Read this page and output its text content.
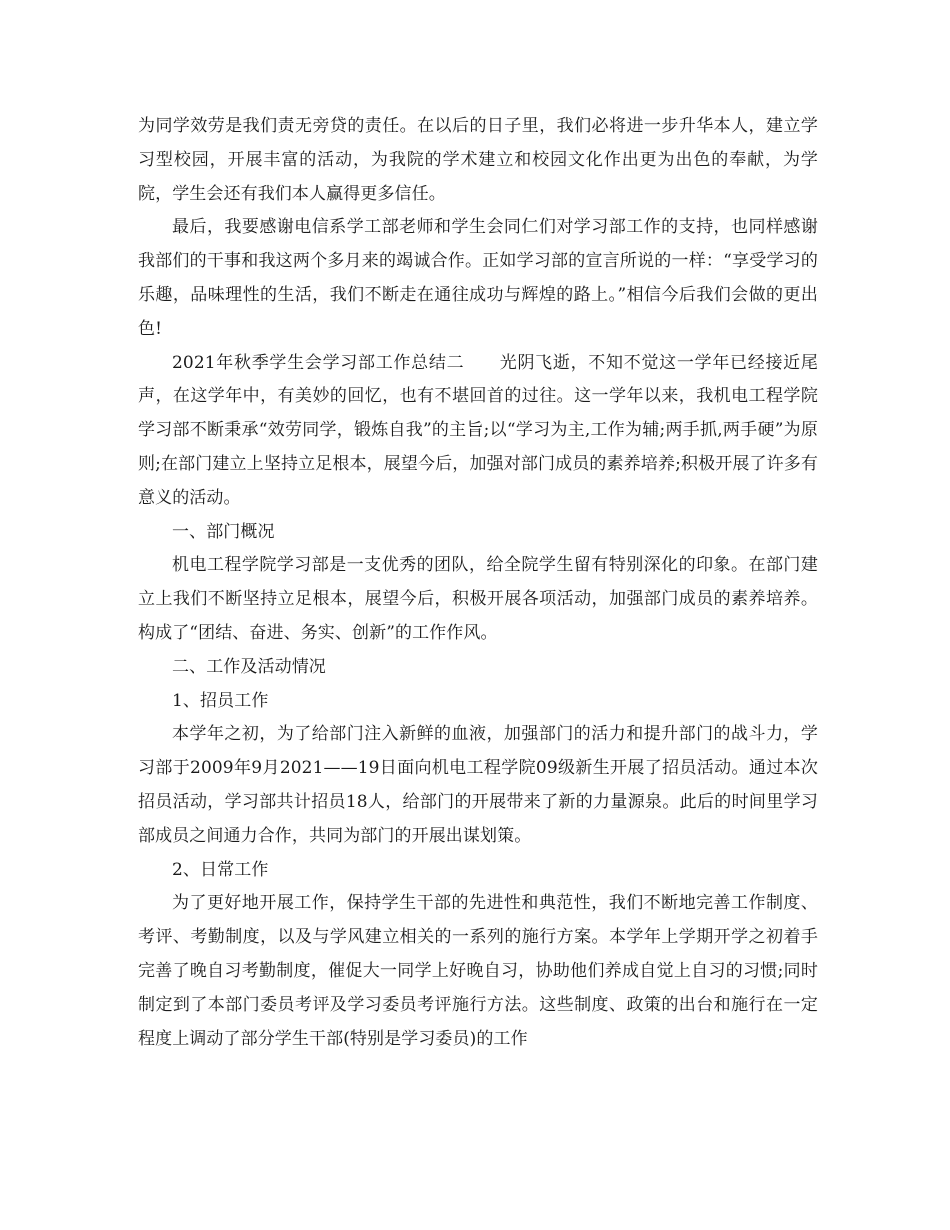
为同学效劳是我们责无旁贷的责任。在以后的日子里，我们必将进一步升华本人，建立学习型校园，开展丰富的活动，为我院的学术建立和校园文化作出更为出色的奉献，为学院，学生会还有我们本人赢得更多信任。

最后，我要感谢电信系学工部老师和学生会同仁们对学习部工作的支持，也同样感谢我部们的干事和我这两个多月来的竭诚合作。正如学习部的宣言所说的一样：“享受学习的乐趣，品味理性的生活，我们不断走在通往成功与辉煌的路上。”相信今后我们会做的更出色!

2021年秋季学生会学习部工作总结二　　光阴飞逝，不知不觉这一学年已经接近尾声，在这学年中，有美妙的回忆，也有不堪回首的过往。这一学年以来，我机电工程学院学习部不断秉承“效劳同学，锻炼自我”的主旨;以“学习为主,工作为辅;两手抓,两手硬”为原则;在部门建立上坚持立足根本，展望今后，加强对部门成员的素养培养;积极开展了许多有意义的活动。

一、部门概况

机电工程学院学习部是一支优秀的团队，给全院学生留有特别深化的印象。在部门建立上我们不断坚持立足根本，展望今后，积极开展各项活动，加强部门成员的素养培养。构成了“团结、奋进、务实、创新”的工作作风。

二、工作及活动情况

1、招员工作

本学年之初，为了给部门注入新鲜的血液，加强部门的活力和提升部门的战斗力，学习部于2009年9月2021——19日面向机电工程学院09级新生开展了招员活动。通过本次招员活动，学习部共计招员18人，给部门的开展带来了新的力量源泉。此后的时间里学习部成员之间通力合作，共同为部门的开展出谋划策。

2、日常工作

为了更好地开展工作，保持学生干部的先进性和典范性，我们不断地完善工作制度、考评、考勤制度，以及与学风建立相关的一系列的施行方案。本学年上学期开学之初着手完善了晚自习考勤制度，催促大一同学上好晚自习，协助他们养成自觉上自习的习惯;同时制定到了本部门委员考评及学习委员考评施行方法。这些制度、政策的出台和施行在一定程度上调动了部分学生干部(特别是学习委员)的工作
